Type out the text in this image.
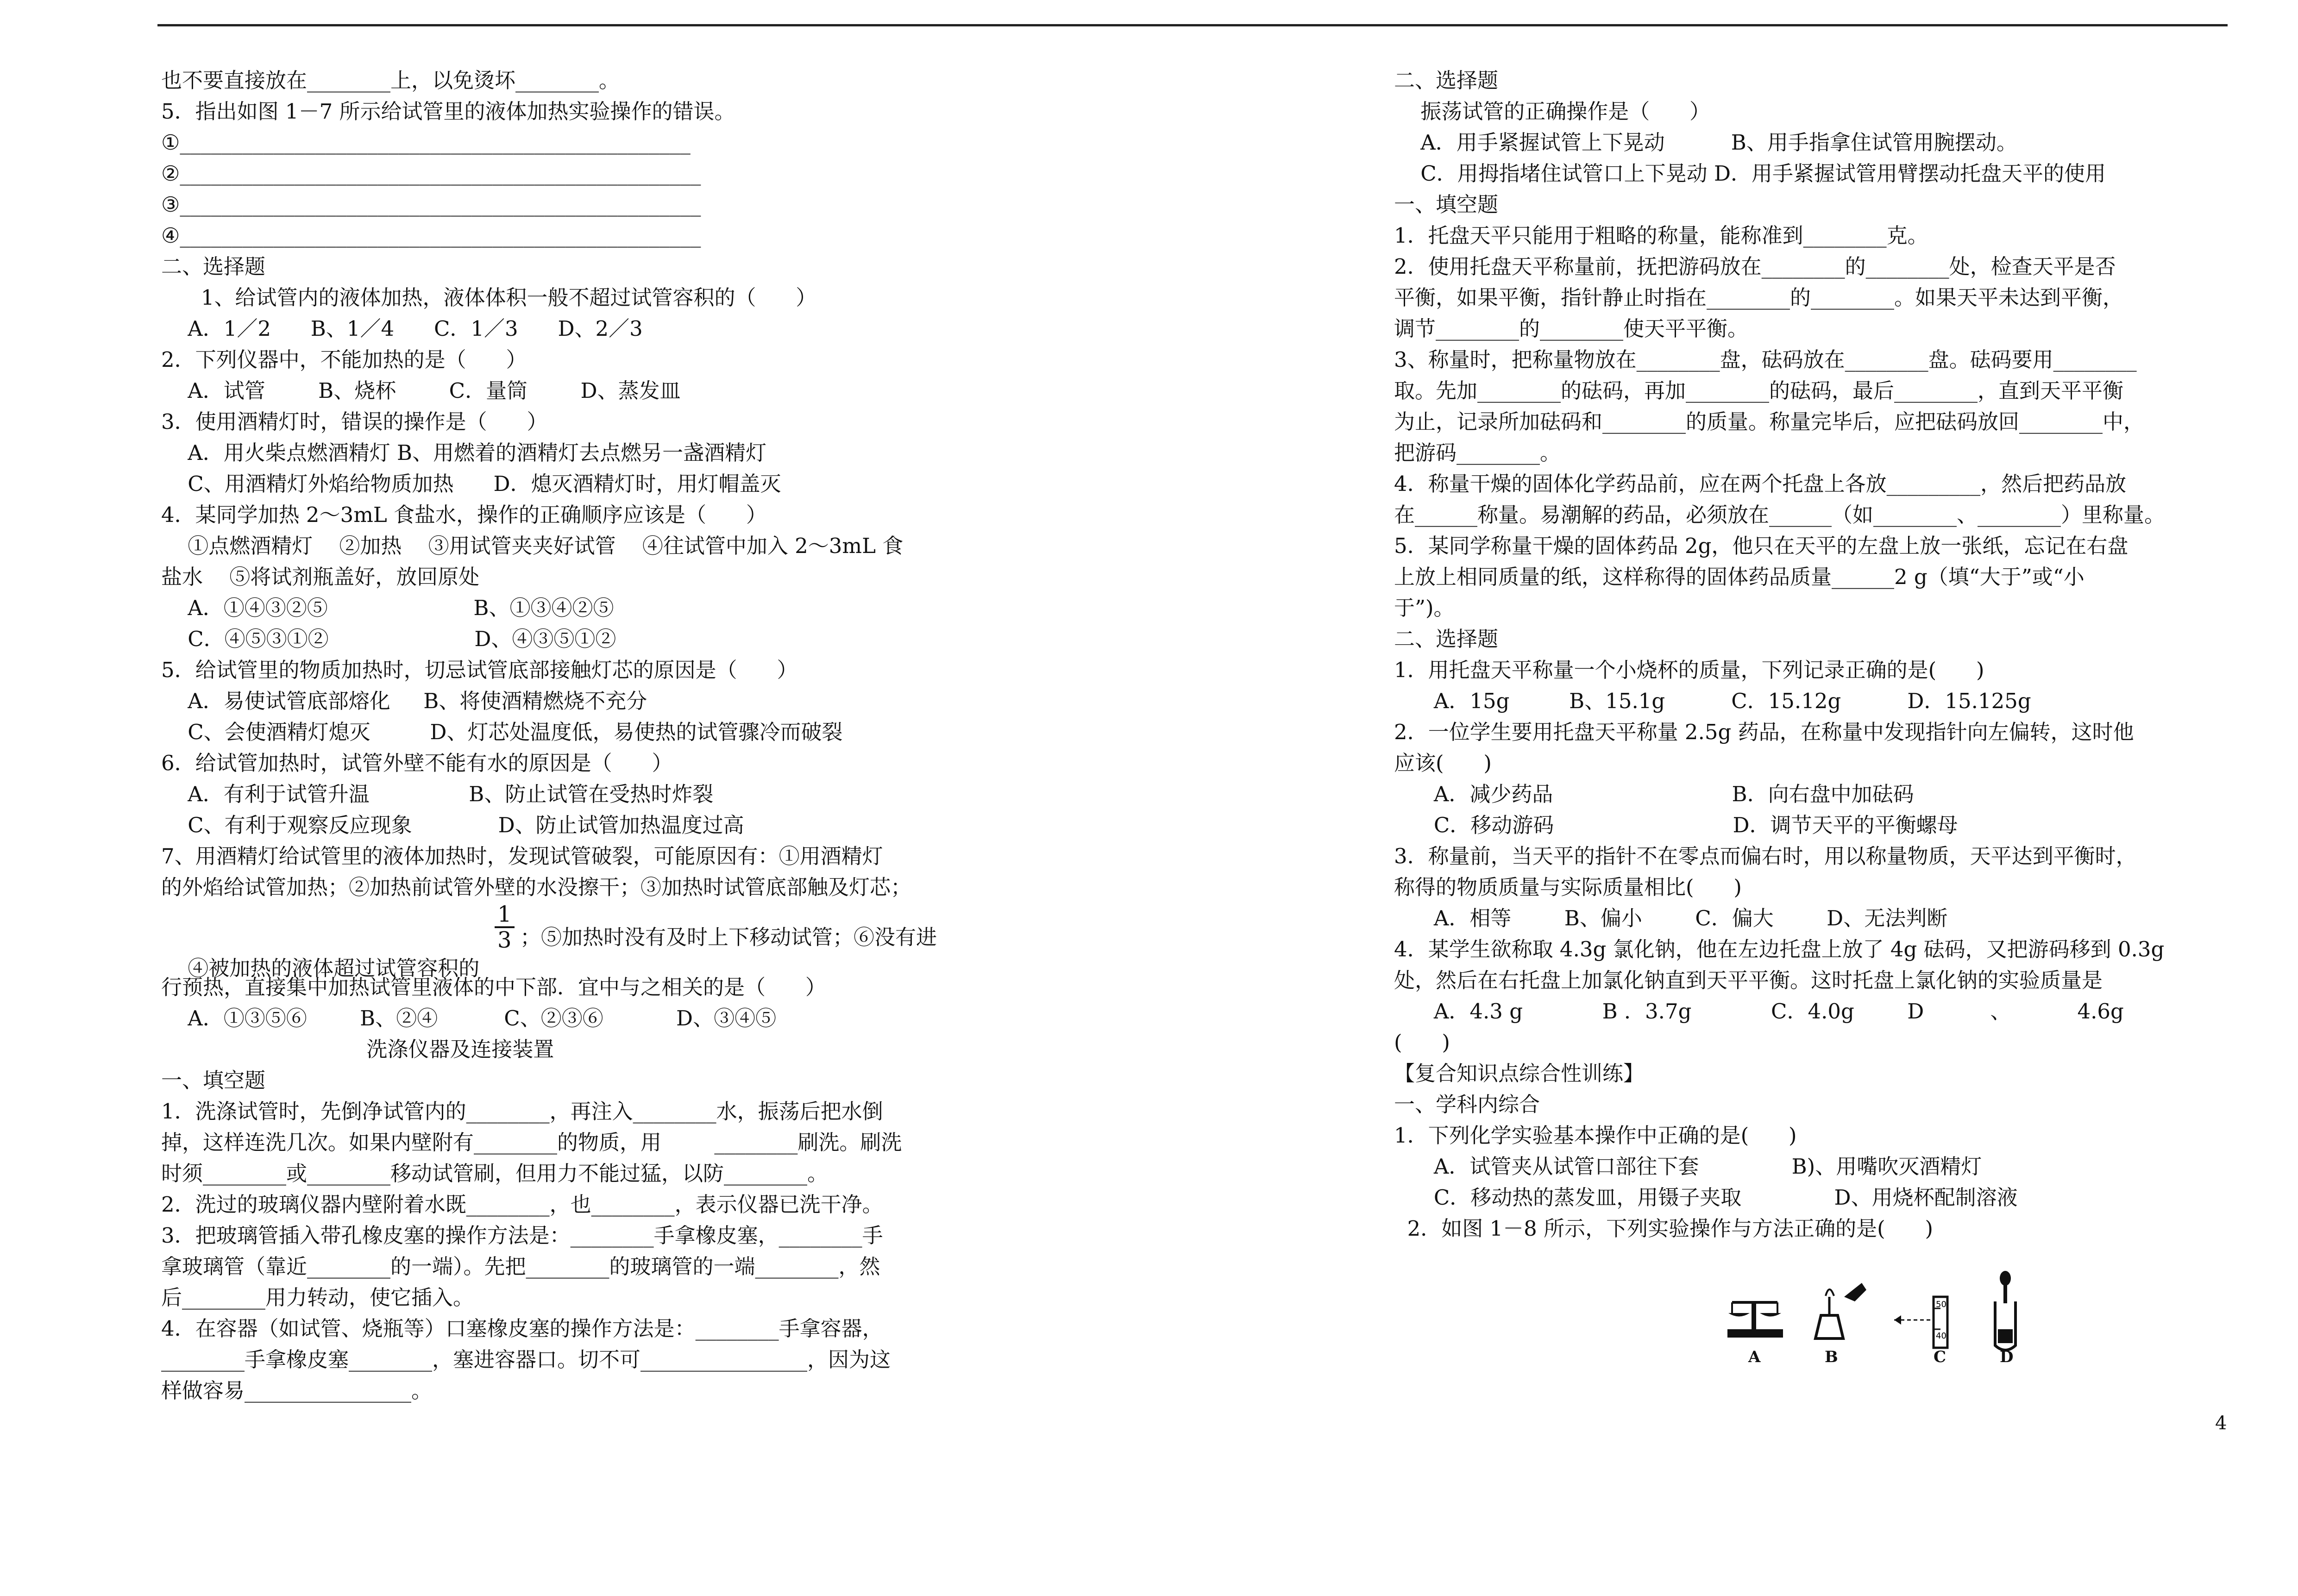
也不要直接放在________上，以免烫坏________。
5．指出如图 1－7 所示给试管里的液体加热实验操作的错误。
①_________________________________________________
②__________________________________________________
③__________________________________________________
④__________________________________________________
二、选择题
1、给试管内的液体加热，液体体积一般不超过试管容积的（      ）
A．1／2      B、1／4      C．1／3      D、2／3
2．下列仪器中，不能加热的是（      ）
A．试管        B、烧杯        C．量筒        D、蒸发皿
3．使用酒精灯时，错误的操作是（      ）
A．用火柴点燃酒精灯 B、用燃着的酒精灯去点燃另一盏酒精灯
C、用酒精灯外焰给物质加热      D．熄灭酒精灯时，用灯帽盖灭
4．某同学加热 2～3mL 食盐水，操作的正确顺序应该是（      ）
①点燃酒精灯    ②加热    ③用试管夹夹好试管    ④往试管中加入 2～3mL 食
盐水    ⑤将试剂瓶盖好，放回原处
A．①④③②⑤                      B、①③④②⑤
C．④⑤③①②                      D、④③⑤①②
5．给试管里的物质加热时，切忌试管底部接触灯芯的原因是（      ）
A．易使试管底部熔化     B、将使酒精燃烧不充分
C、会使酒精灯熄灭         D、灯芯处温度低，易使热的试管骤冷而破裂
6．给试管加热时，试管外壁不能有水的原因是（      ）
A．有利于试管升温               B、防止试管在受热时炸裂
C、有利于观察反应现象             D、防止试管加热温度过高
7、用酒精灯给试管里的液体加热时，发现试管破裂，可能原因有：①用酒精灯
的外焰给试管加热；②加热前试管外壁的水没擦干；③加热时试管底部触及灯芯；

④被加热的液体超过试管容积的

$\frac{1}{3}$ ；⑤加热时没有及时上下移动试管；⑥没有进
行预热，直接集中加热试管里液体的中下部．宜中与之相关的是（      ）
A．①③⑤⑥        B、②④          C、②③⑥           D、③④⑤
洗涤仪器及连接装置
一、填空题
1．洗涤试管时，先倒净试管内的________，再注入________水，振荡后把水倒
掉，这样连洗几次。如果内壁附有________的物质，用        ________刷洗。刷洗
时须________或________移动试管刷，但用力不能过猛，以防________。
2．洗过的玻璃仪器内壁附着水既________，也________，表示仪器已洗干净。
3．把玻璃管插入带孔橡皮塞的操作方法是：________手拿橡皮塞，________手
拿玻璃管（靠近________的一端）。先把________的玻璃管的一端________，然
后________用力转动，使它插入。
4．在容器（如试管、烧瓶等）口塞橡皮塞的操作方法是：________手拿容器，
________手拿橡皮塞________，塞进容器口。切不可________________，因为这
样做容易________________。
二、选择题
振荡试管的正确操作是（      ）
A．用手紧握试管上下晃动          B、用手指拿住试管用腕摆动。
C．用拇指堵住试管口上下晃动 D．用手紧握试管用臂摆动托盘天平的使用
一、填空题
1．托盘天平只能用于粗略的称量，能称准到________克。
2．使用托盘天平称量前，抚把游码放在________的________处，检查天平是否
平衡，如果平衡，指针静止时指在________的________。如果天平未达到平衡，
调节________的________使天平平衡。
3、称量时，把称量物放在________盘，砝码放在________盘。砝码要用________
取。先加________的砝码，再加________的砝码，最后________，直到天平平衡
为止，记录所加砝码和________的质量。称量完毕后，应把砝码放回________中，
把游码________。
4．称量干燥的固体化学药品前，应在两个托盘上各放_________，然后把药品放
在______称量。易潮解的药品，必须放在______（如________、________）里称量。
5．某同学称量干燥的固体药品 2g，他只在天平的左盘上放一张纸，忘记在右盘
上放上相同质量的纸，这样称得的固体药品质量______2 g（填“大于”或“小
于”)。
二、选择题
1．用托盘天平称量一个小烧杯的质量，下列记录正确的是(      )
A．15g         B、15.1g          C．15.12g          D．15.125g
2．一位学生要用托盘天平称量 2.5g 药品，在称量中发现指针向左偏转，这时他
应该(      )
A．减少药品                           B．向右盘中加砝码
C．移动游码                           D．调节天平的平衡螺母
3．称量前，当天平的指针不在零点而偏右时，用以称量物质，天平达到平衡时，
称得的物质质量与实际质量相比(      )
A．相等        B、偏小        C．偏大        D、无法判断
4．某学生欲称取 4.3g 氯化钠，他在左边托盘上放了 4g 砝码，又把游码移到 0.3g
处，然后在右托盘上加氯化钠直到天平平衡。这时托盘上氯化钠的实验质量是
A．4.3 g            B ．3.7g            C．4.0g        D          、          4.6g
(      )
【复合知识点综合性训练】
一、学科内综合
1．下列化学实验基本操作中正确的是(      )
A．试管夹从试管口部往下套              B)、用嘴吹灭酒精灯
C．移动热的蒸发皿，用镊子夹取              D、用烧杯配制溶液
2．如图 1－8 所示，下列实验操作与方法正确的是(      )
50
40
A	B	C	D
4
